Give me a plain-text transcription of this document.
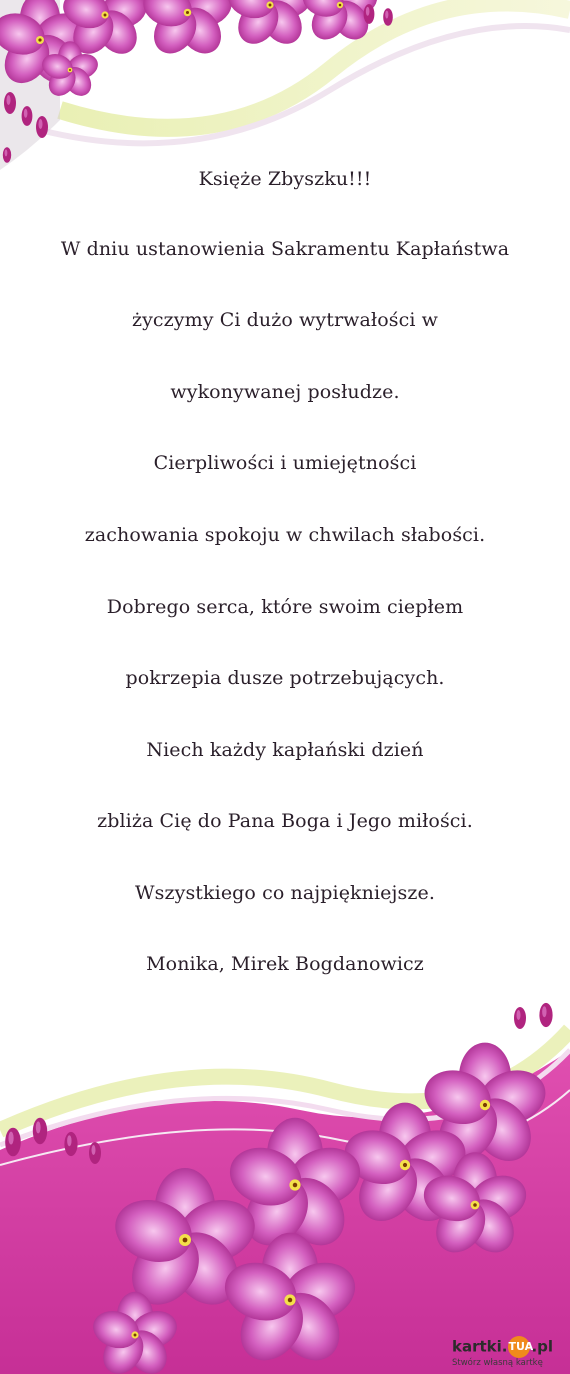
Księże Zbyszku!!!
W dniu ustanowienia Sakramentu Kapłaństwa
życzymy Ci dużo wytrwałości w
wykonywanej posłudze.
Cierpliwości i umiejętności
zachowania spokoju w chwilach słabości.
Dobrego serca, które swoim ciepłem
pokrzepia dusze potrzebujących.
Niech każdy kapłański dzień
zbliża Cię do Pana Boga i Jego miłości.
Wszystkiego co najpiękniejsze.
Monika, Mirek Bogdanowicz
kartki.TUA.pl
Stwórz własną kartkę
